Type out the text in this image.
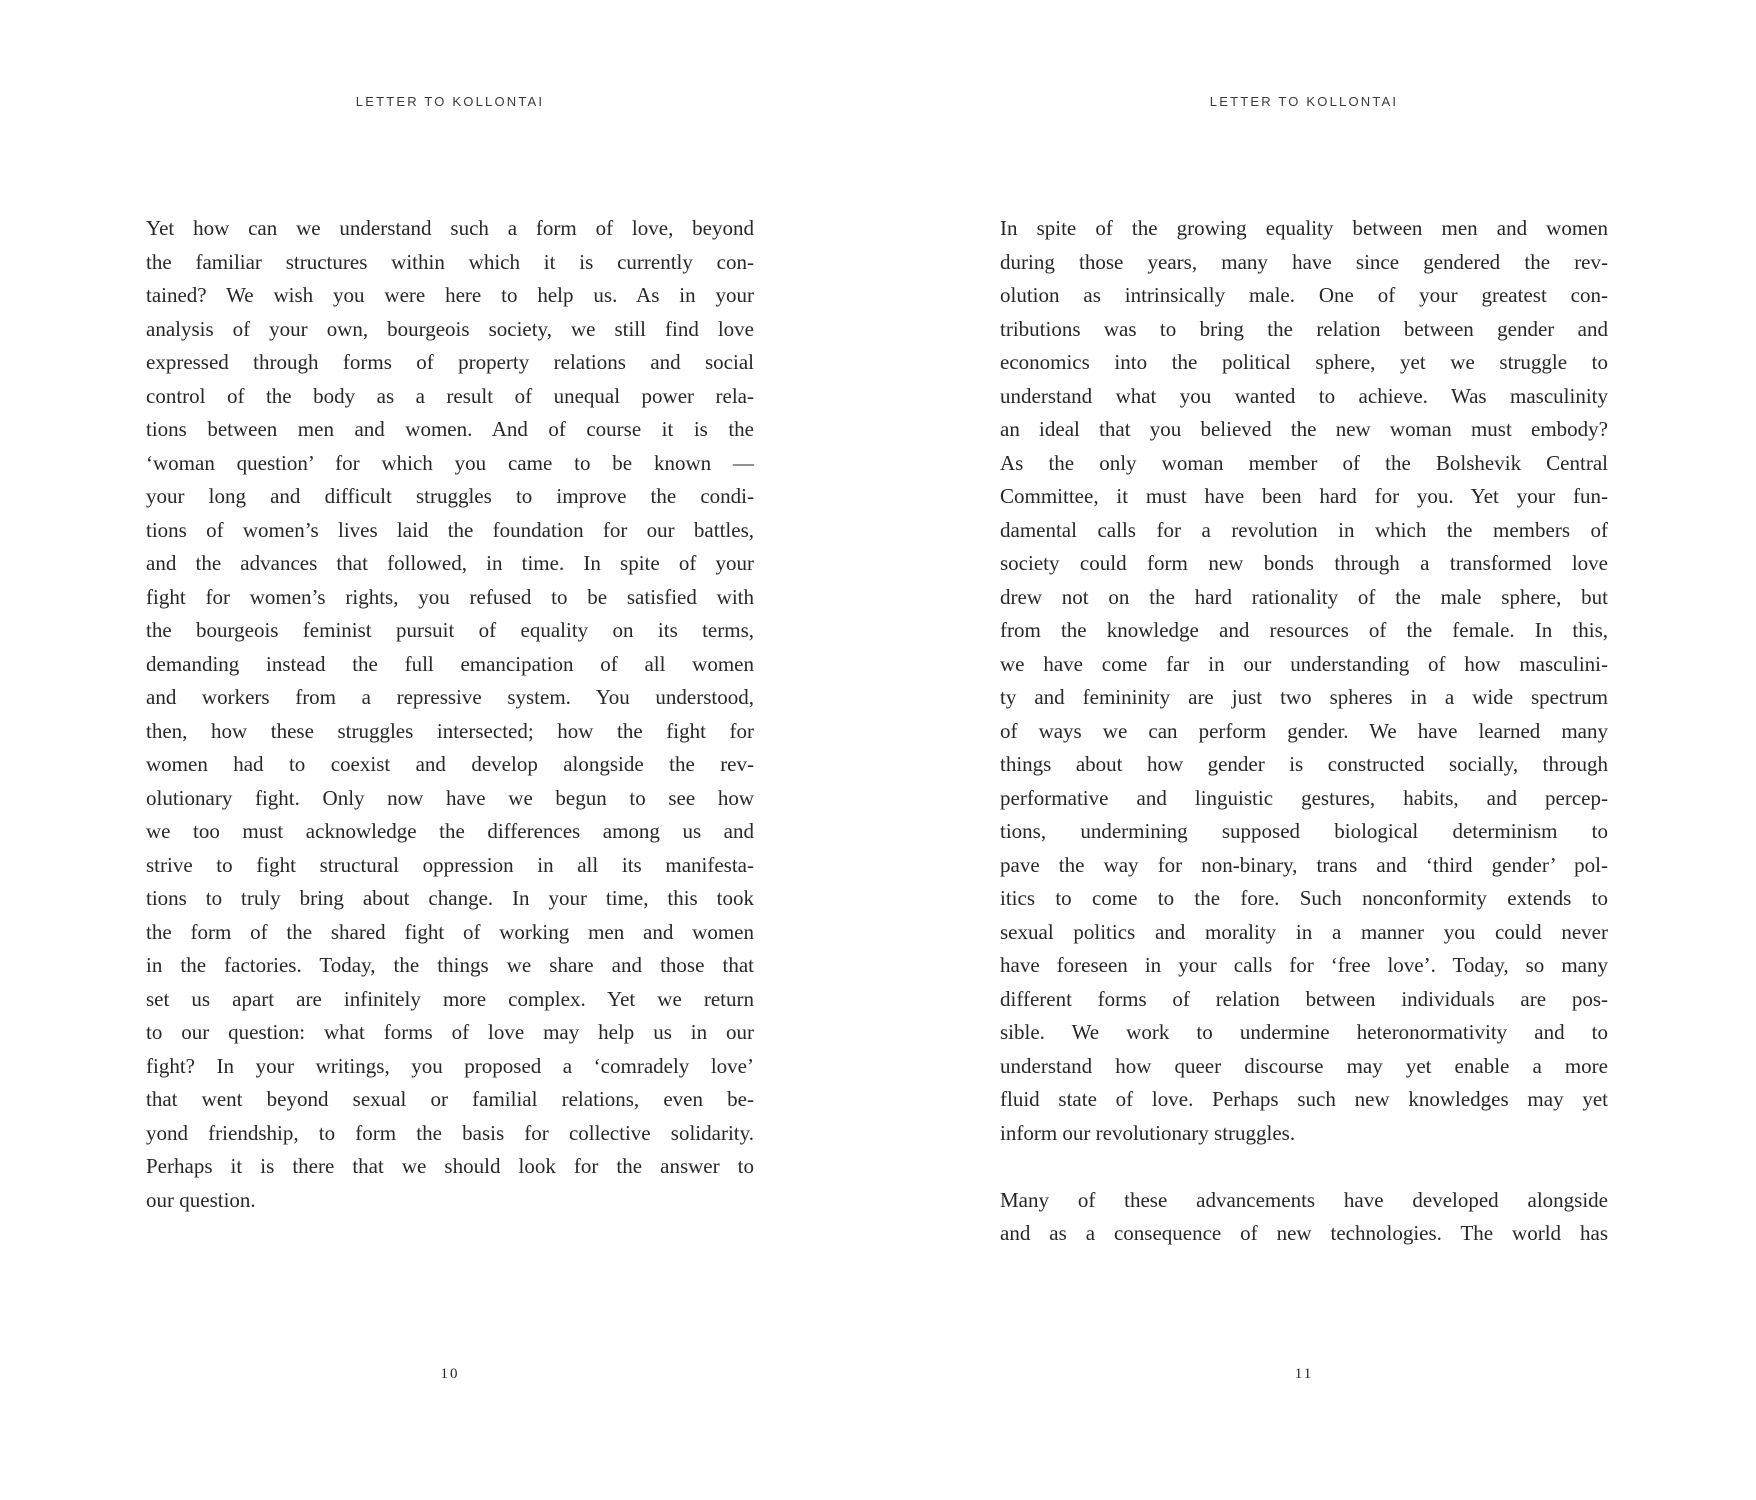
LETTER TO KOLLONTAI
Yet how can we understand such a form of love, beyond
the familiar structures within which it is currently con-
tained? We wish you were here to help us. As in your
analysis of your own, bourgeois society, we still find love
expressed through forms of property relations and social
control of the body as a result of unequal power rela-
tions between men and women. And of course it is the
‘woman question’ for which you came to be known —
your long and difficult struggles to improve the condi-
tions of women’s lives laid the foundation for our battles,
and the advances that followed, in time. In spite of your
fight for women’s rights, you refused to be satisfied with
the bourgeois feminist pursuit of equality on its terms,
demanding instead the full emancipation of all women
and workers from a repressive system. You understood,
then, how these struggles intersected; how the fight for
women had to coexist and develop alongside the rev-
olutionary fight. Only now have we begun to see how
we too must acknowledge the differences among us and
strive to fight structural oppression in all its manifesta-
tions to truly bring about change. In your time, this took
the form of the shared fight of working men and women
in the factories. Today, the things we share and those that
set us apart are infinitely more complex. Yet we return
to our question: what forms of love may help us in our
fight? In your writings, you proposed a ‘comradely love’
that went beyond sexual or familial relations, even be-
yond friendship, to form the basis for collective solidarity.
Perhaps it is there that we should look for the answer to
our question.
10
LETTER TO KOLLONTAI
In spite of the growing equality between men and women
during those years, many have since gendered the rev-
olution as intrinsically male. One of your greatest con-
tributions was to bring the relation between gender and
economics into the political sphere, yet we struggle to
understand what you wanted to achieve. Was masculinity
an ideal that you believed the new woman must embody?
As the only woman member of the Bolshevik Central
Committee, it must have been hard for you. Yet your fun-
damental calls for a revolution in which the members of
society could form new bonds through a transformed love
drew not on the hard rationality of the male sphere, but
from the knowledge and resources of the female. In this,
we have come far in our understanding of how masculini-
ty and femininity are just two spheres in a wide spectrum
of ways we can perform gender. We have learned many
things about how gender is constructed socially, through
performative and linguistic gestures, habits, and percep-
tions, undermining supposed biological determinism to
pave the way for non-binary, trans and ‘third gender’ pol-
itics to come to the fore. Such nonconformity extends to
sexual politics and morality in a manner you could never
have foreseen in your calls for ‘free love’. Today, so many
different forms of relation between individuals are pos-
sible. We work to undermine heteronormativity and to
understand how queer discourse may yet enable a more
fluid state of love. Perhaps such new knowledges may yet
inform our revolutionary struggles.
Many of these advancements have developed alongside
and as a consequence of new technologies. The world has
11
